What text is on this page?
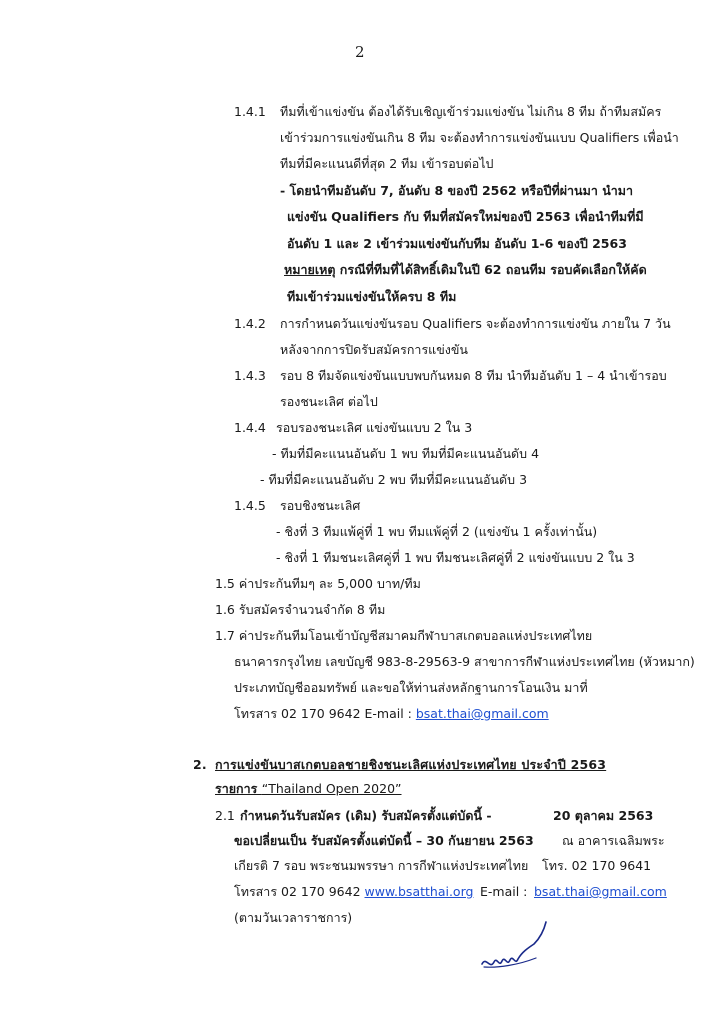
2
1.4.1 ทีมที่เข้าแข่งขัน ต้องได้รับเชิญเข้าร่วมแข่งขัน ไม่เกิน 8 ทีม ถ้าทีมสมัคร
เข้าร่วมการแข่งขันเกิน 8 ทีม จะต้องทำการแข่งขันแบบ Qualifiers เพื่อนำ
ทีมที่มีคะแนนดีที่สุด 2 ทีม เข้ารอบต่อไป
- โดยนำทีมอันดับ 7, อันดับ 8 ของปี 2562 หรือปีที่ผ่านมา นำมา
แข่งขัน Qualifiers กับ ทีมที่สมัครใหม่ของปี 2563 เพื่อนำทีมที่มี
อันดับ 1 และ 2 เข้าร่วมแข่งขันกับทีม อันดับ 1-6 ของปี 2563
หมายเหตุ กรณีที่ทีมที่ได้สิทธิ์เดิมในปี 62 ถอนทีม รอบคัดเลือกให้คัด
ทีมเข้าร่วมแข่งขันให้ครบ 8 ทีม
1.4.2 การกำหนดวันแข่งขันรอบ Qualifiers จะต้องทำการแข่งขัน ภายใน 7 วัน
หลังจากการปิดรับสมัครการแข่งขัน
1.4.3 รอบ 8 ทีมจัดแข่งขันแบบพบกันหมด 8 ทีม นำทีมอันดับ 1 – 4 นำเข้ารอบ
รองชนะเลิศ ต่อไป
1.4.4 รอบรองชนะเลิศ แข่งขันแบบ 2 ใน 3
- ทีมที่มีคะแนนอันดับ 1 พบ ทีมที่มีคะแนนอันดับ 4
- ทีมที่มีคะแนนอันดับ 2 พบ ทีมที่มีคะแนนอันดับ 3
1.4.5 รอบชิงชนะเลิศ
- ชิงที่ 3 ทีมแพ้คู่ที่ 1 พบ ทีมแพ้คู่ที่ 2 (แข่งขัน 1 ครั้งเท่านั้น)
- ชิงที่ 1 ทีมชนะเลิศคู่ที่ 1 พบ ทีมชนะเลิศคู่ที่ 2 แข่งขันแบบ 2 ใน 3
1.5 ค่าประกันทีมๆ ละ 5,000 บาท/ทีม
1.6 รับสมัครจำนวนจำกัด 8 ทีม
1.7 ค่าประกันทีมโอนเข้าบัญชีสมาคมกีฬาบาสเกตบอลแห่งประเทศไทย
ธนาคารกรุงไทย เลขบัญชี 983-8-29563-9 สาขาการกีฬาแห่งประเทศไทย (หัวหมาก)
ประเภทบัญชีออมทรัพย์ และขอให้ท่านส่งหลักฐานการโอนเงิน มาที่
โทรสาร 02 170 9642 E-mail : bsat.thai@gmail.com
2. การแข่งขันบาสเกตบอลชายชิงชนะเลิศแห่งประเทศไทย ประจำปี 2563
รายการ “Thailand Open 2020”
2.1 กำหนดวันรับสมัคร (เดิม) รับสมัครตั้งแต่บัดนี้ -	20 ตุลาคม 2563
ขอเปลี่ยนเป็น รับสมัครตั้งแต่บัดนี้ – 30 กันยายน 2563 ณ อาคารเฉลิมพระ
เกียรติ 7 รอบ พระชนมพรรษา การกีฬาแห่งประเทศไทย โทร. 02 170 9641
โทรสาร 02 170 9642 www.bsatthai.org E-mail : bsat.thai@gmail.com
(ตามวันเวลาราชการ)
